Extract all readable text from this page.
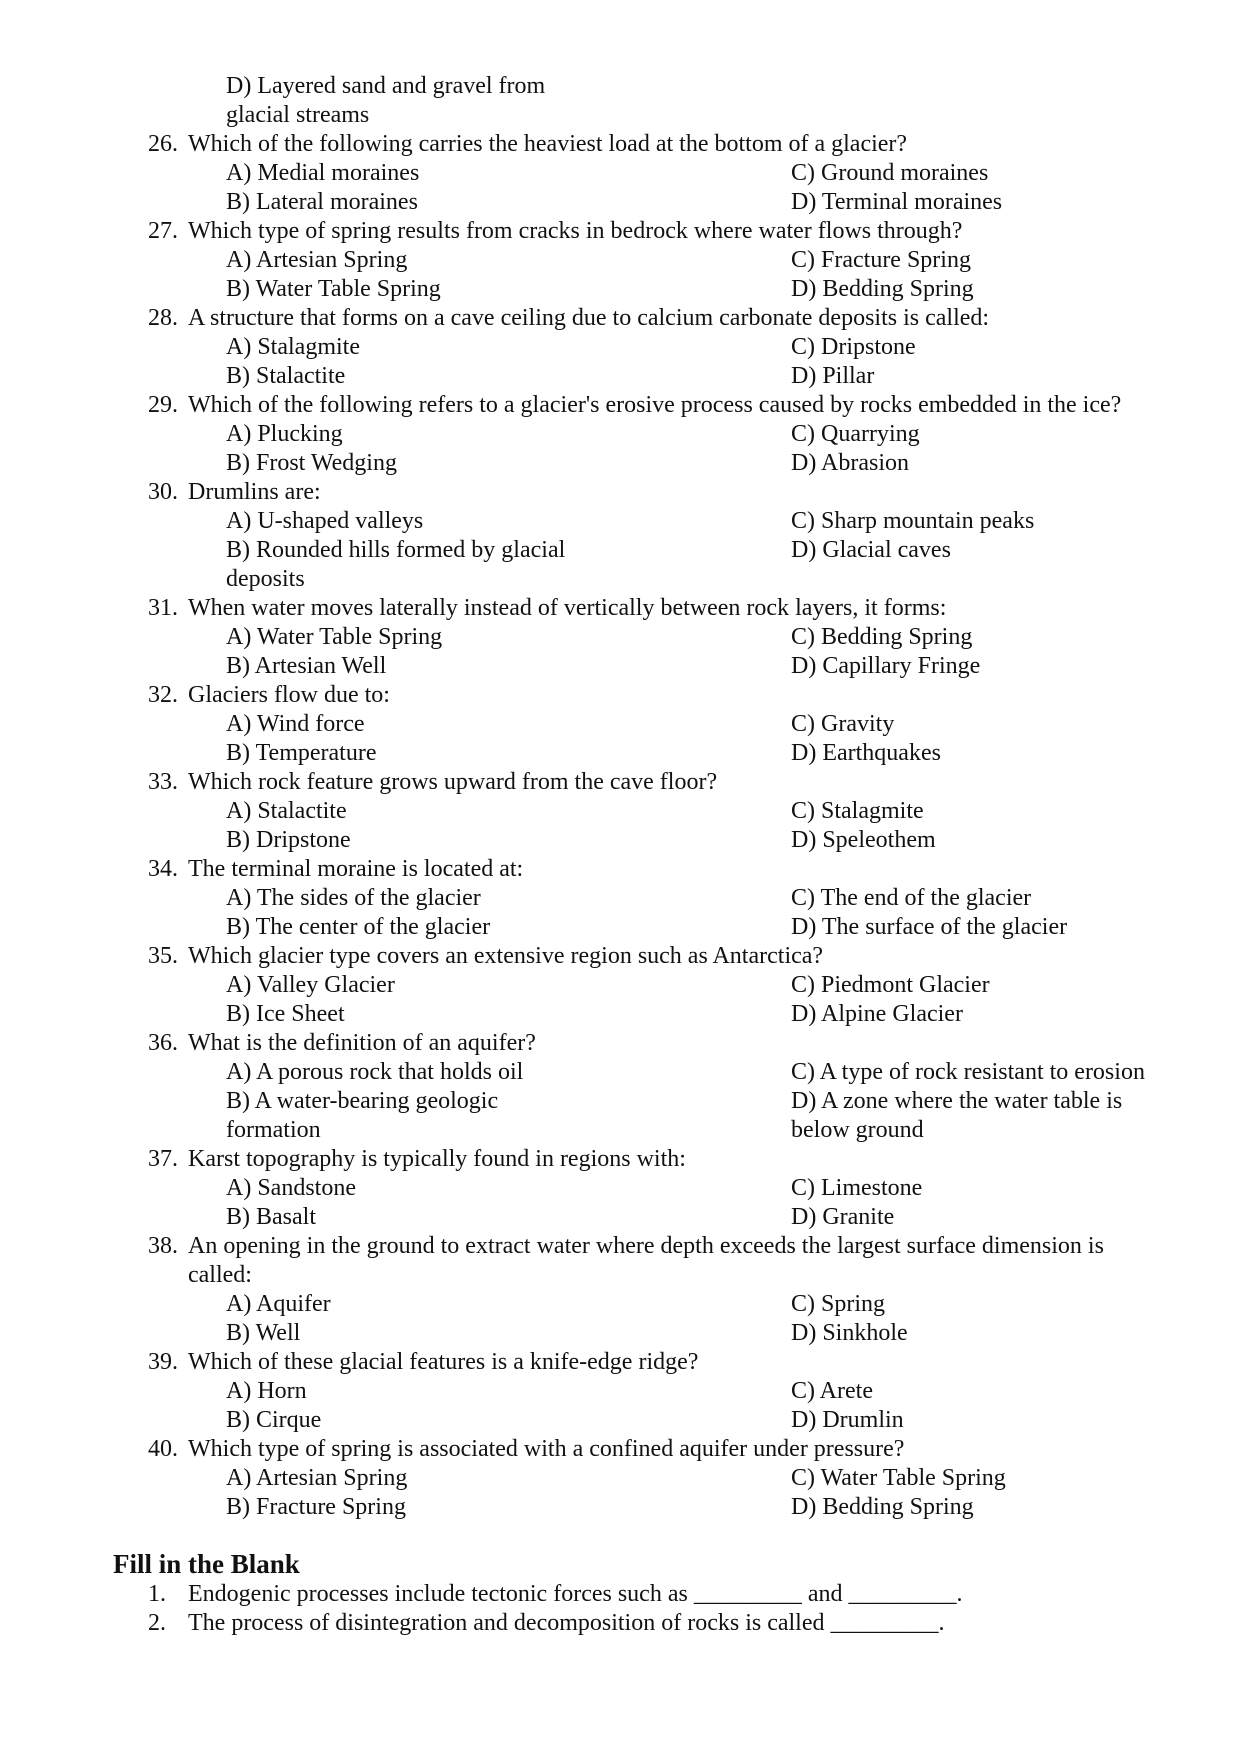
D) Layered sand and gravel from
glacial streams
26. Which of the following carries the heaviest load at the bottom of a glacier?
A) Medial moraines	C) Ground moraines
B) Lateral moraines	D) Terminal moraines
27. Which type of spring results from cracks in bedrock where water flows through?
A) Artesian Spring	C) Fracture Spring
B) Water Table Spring	D) Bedding Spring
28. A structure that forms on a cave ceiling due to calcium carbonate deposits is called:
A) Stalagmite	C) Dripstone
B) Stalactite	D) Pillar
29. Which of the following refers to a glacier's erosive process caused by rocks embedded in the ice?
A) Plucking	C) Quarrying
B) Frost Wedging	D) Abrasion
30. Drumlins are:
A) U-shaped valleys	C) Sharp mountain peaks
B) Rounded hills formed by glacial	D) Glacial caves
deposits
31. When water moves laterally instead of vertically between rock layers, it forms:
A) Water Table Spring	C) Bedding Spring
B) Artesian Well	D) Capillary Fringe
32. Glaciers flow due to:
A) Wind force	C) Gravity
B) Temperature	D) Earthquakes
33. Which rock feature grows upward from the cave floor?
A) Stalactite	C) Stalagmite
B) Dripstone	D) Speleothem
34. The terminal moraine is located at:
A) The sides of the glacier	C) The end of the glacier
B) The center of the glacier	D) The surface of the glacier
35. Which glacier type covers an extensive region such as Antarctica?
A) Valley Glacier	C) Piedmont Glacier
B) Ice Sheet	D) Alpine Glacier
36. What is the definition of an aquifer?
A) A porous rock that holds oil	C) A type of rock resistant to erosion
B) A water-bearing geologic	D) A zone where the water table is
formation	below ground
37. Karst topography is typically found in regions with:
A) Sandstone	C) Limestone
B) Basalt	D) Granite
38. An opening in the ground to extract water where depth exceeds the largest surface dimension is
called:
A) Aquifer	C) Spring
B) Well	D) Sinkhole
39. Which of these glacial features is a knife-edge ridge?
A) Horn	C) Arete
B) Cirque	D) Drumlin
40. Which type of spring is associated with a confined aquifer under pressure?
A) Artesian Spring	C) Water Table Spring
B) Fracture Spring	D) Bedding Spring
Fill in the Blank
1. Endogenic processes include tectonic forces such as _________ and _________.
2. The process of disintegration and decomposition of rocks is called _________.
